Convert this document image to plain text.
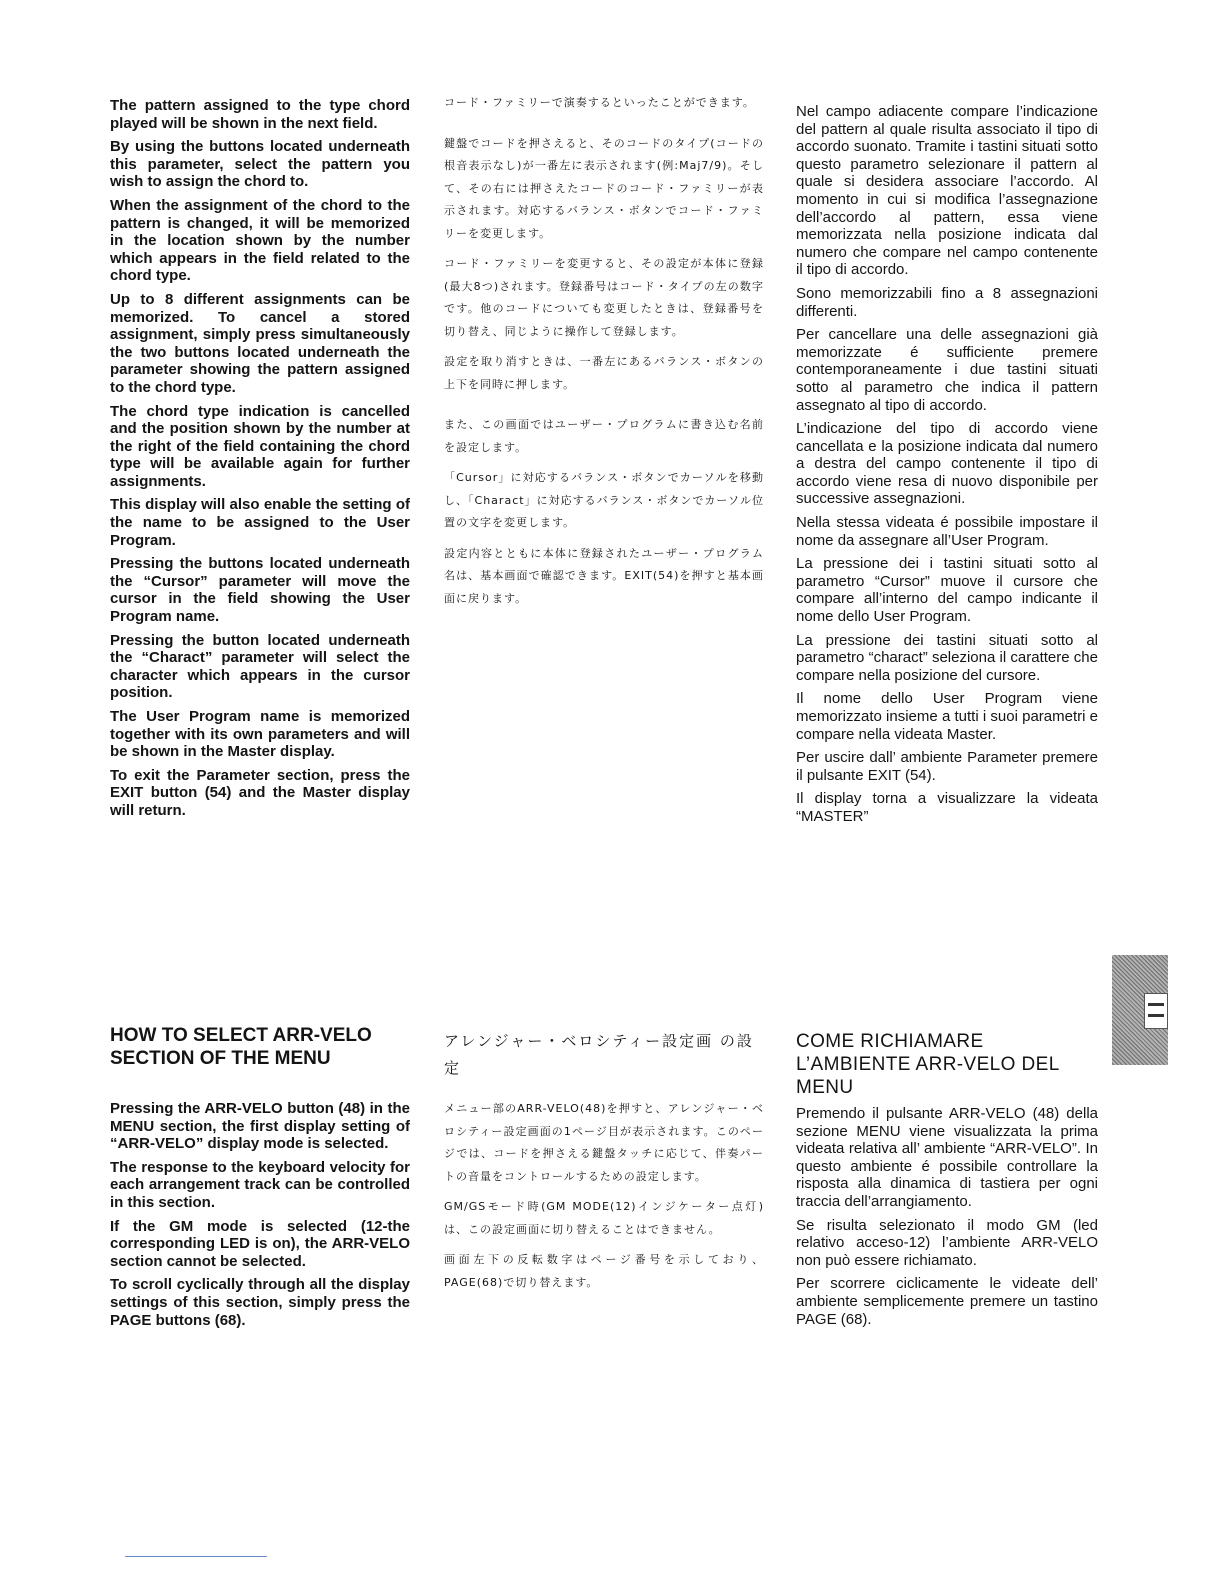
The pattern assigned to the type chord played will be shown in the next field.

By using the buttons located underneath this parameter, select the pattern you wish to assign the chord to.

When the assignment of the chord to the pattern is changed, it will be memorized in the location shown by the number which appears in the field related to the chord type.

Up to 8 different assignments can be memorized. To cancel a stored assignment, simply press simultaneously the two buttons located underneath the parameter showing the pattern assigned to the chord type.

The chord type indication is cancelled and the position shown by the number at the right of the field containing the chord type will be available again for further assignments.

This display will also enable the setting of the name to be assigned to the User Program.

Pressing the buttons located underneath the “Cursor” parameter will move the cursor in the field showing the User Program name.

Pressing the button located underneath the “Charact” parameter will select the character which appears in the cursor position.

The User Program name is memorized together with its own parameters and will be shown in the Master display.

To exit the Parameter section, press the EXIT button (54) and the Master display will return.

コード・ファミリーで演奏するといったことができます。

鍵盤でコードを押さえると、そのコードのタイプ(コードの根音表示なし)が一番左に表示されます(例:Maj7/9)。そして、その右には押さえたコードのコード・ファミリーが表示されます。対応するバランス・ボタンでコード・ファミリーを変更します。

コード・ファミリーを変更すると、その設定が本体に登録(最大8つ)されます。登録番号はコード・タイプの左の数字です。他のコードについても変更したときは、登録番号を切り替え、同じように操作して登録します。

設定を取り消すときは、一番左にあるバランス・ボタンの上下を同時に押します。

また、この画面ではユーザー・プログラムに書き込む名前を設定します。

「Cursor」に対応するバランス・ボタンでカーソルを移動し、「Charact」に対応するバランス・ボタンでカーソル位置の文字を変更します。

設定内容とともに本体に登録されたユーザー・プログラム名は、基本画面で確認できます。EXIT(54)を押すと基本画面に戻ります。

Nel campo adiacente compare l’indicazione del pattern al quale risulta associato il tipo di accordo suonato. Tramite i tastini situati sotto questo parametro selezionare il pattern al quale si desidera associare l’accordo. Al momento in cui si modifica l’assegnazione dell’accordo al pattern, essa viene memorizzata nella posizione indicata dal numero che compare nel campo contenente il tipo di accordo.

Sono memorizzabili fino a 8 assegnazioni differenti.

Per cancellare una delle assegnazioni già memorizzate é sufficiente premere contemporaneamente i due tastini situati sotto al parametro che indica il pattern assegnato al tipo di accordo.

L’indicazione del tipo di accordo viene cancellata e la posizione indicata dal numero a destra del campo contenente il tipo di accordo viene resa di nuovo disponibile per successive assegnazioni.

Nella stessa videata é possibile impostare il nome da assegnare all’User Program.

La pressione dei i tastini situati sotto al parametro “Cursor” muove il cursore che compare all’interno del campo indicante il nome dello User Program.

La pressione dei tastini situati sotto al parametro “charact” seleziona il carattere che compare nella posizione del cursore.

Il nome dello User Program viene memorizzato insieme a tutti i suoi parametri e compare nella videata Master.

Per uscire dall’ ambiente Parameter premere il pulsante EXIT (54).

Il display torna a visualizzare la videata “MASTER”

HOW TO SELECT ARR-VELO SECTION OF THE MENU
アレンジャー・ベロシティー設定画 の設定
COME RICHIAMARE L’AMBIENTE ARR-VELO DEL MENU

Pressing the ARR-VELO button (48) in the MENU section, the first display setting of “ARR-VELO” display mode is selected.

The response to the keyboard velocity for each arrangement track can be controlled in this section.

If the GM mode is selected (12-the corresponding LED is on), the ARR-VELO section cannot be selected.

To scroll cyclically through all the display settings of this section, simply press the PAGE buttons (68).

メニュー部のARR-VELO(48)を押すと、アレンジャー・ベロシティー設定画面の1ページ目が表示されます。このページでは、コードを押さえる鍵盤タッチに応じて、伴奏パートの音量をコントロールするための設定します。

GM/GSモード時(GM MODE(12)インジケーター点灯)は、この設定画面に切り替えることはできません。

画面左下の反転数字はページ番号を示しており、PAGE(68)で切り替えます。

Premendo il pulsante ARR-VELO (48) della sezione MENU viene visualizzata la prima videata relativa all’ ambiente “ARR-VELO”. In questo ambiente é possibile controllare la risposta alla dinamica di tastiera per ogni traccia dell’arrangiamento.

Se risulta selezionato il modo GM (led relativo acceso-12) l’ambiente ARR-VELO non può essere richiamato.

Per scorrere ciclicamente le videate dell’ ambiente semplicemente premere un tastino PAGE (68).
